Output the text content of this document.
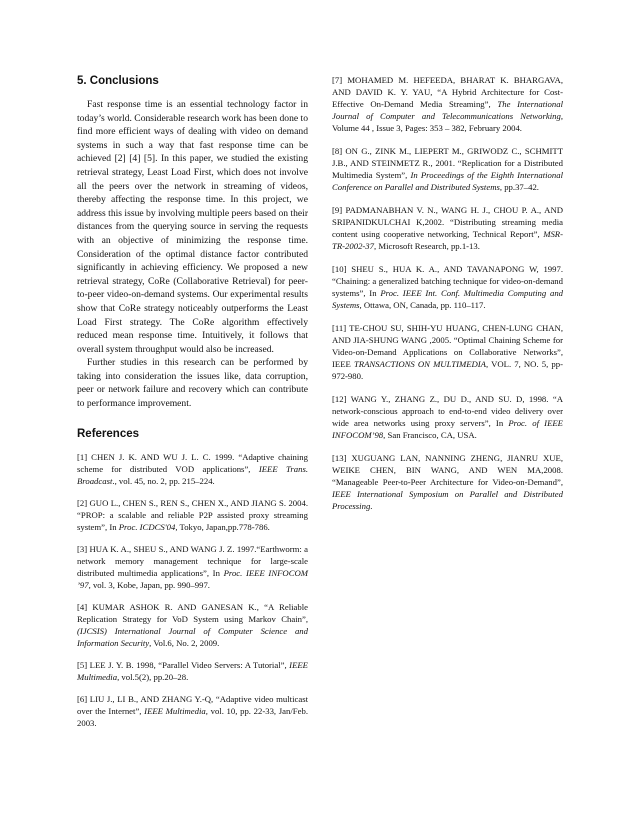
5. Conclusions

Fast response time is an essential technology factor in today’s world. Considerable research work has been done to find more efficient ways of dealing with video on demand systems in such a way that fast response time can be achieved [2] [4] [5]. In this paper, we studied the existing retrieval strategy, Least Load First, which does not involve all the peers over the network in streaming of videos, thereby affecting the response time. In this project, we address this issue by involving multiple peers based on their distances from the querying source in serving the requests with an objective of minimizing the response time. Consideration of the optimal distance factor contributed significantly in achieving efficiency. We proposed a new retrieval strategy, CoRe (Collaborative Retrieval) for peer-to-peer video-on-demand systems. Our experimental results show that CoRe strategy noticeably outperforms the Least Load First strategy. The CoRe algorithm effectively reduced mean response time. Intuitively, it follows that overall system throughput would also be increased.

Further studies in this research can be performed by taking into consideration the issues like, data corruption, peer or network failure and recovery which can contribute to performance improvement.

References

[1] CHEN J. K. AND WU J. L. C. 1999. “Adaptive chaining scheme for distributed VOD applications”, IEEE Trans. Broadcast., vol. 45, no. 2, pp. 215–224.

[2] GUO L., CHEN S., REN S., CHEN X., AND JIANG S. 2004. “PROP: a scalable and reliable P2P assisted proxy streaming system”, In Proc. ICDCS'04, Tokyo, Japan,pp.778-786.

[3] HUA K. A., SHEU S., AND WANG J. Z. 1997.“Earthworm: a network memory management technique for large-scale distributed multimedia applications”, In Proc. IEEE INFOCOM ’97, vol. 3, Kobe, Japan, pp. 990–997.

[4] KUMAR ASHOK R. AND GANESAN K., “A Reliable Replication Strategy for VoD System using Markov Chain”, (IJCSIS) International Journal of Computer Science and Information Security, Vol.6, No. 2, 2009.

[5] LEE J. Y. B. 1998, “Parallel Video Servers: A Tutorial”, IEEE Multimedia, vol.5(2), pp.20–28.

[6] LIU J., LI B., AND ZHANG Y.-Q, “Adaptive video multicast over the Internet”, IEEE Multimedia, vol. 10, pp. 22-33, Jan/Feb. 2003.

[7] MOHAMED M. HEFEEDA, BHARAT K. BHARGAVA, AND DAVID K. Y. YAU, “A Hybrid Architecture for Cost-Effective On-Demand Media Streaming”, The International Journal of Computer and Telecommunications Networking, Volume 44 , Issue 3, Pages: 353 – 382, February 2004.

[8] ON G., ZINK M., LIEPERT M., GRIWODZ C., SCHMITT J.B., AND STEINMETZ R., 2001. “Replication for a Distributed Multimedia System”, In Proceedings of the Eighth International Conference on Parallel and Distributed Systems, pp.37–42.

[9] PADMANABHAN V. N., WANG H. J., CHOU P. A., AND SRIPANIDKULCHAI K,2002. “Distributing streaming media content using cooperative networking, Technical Report”, MSR-TR-2002-37, Microsoft Research, pp.1-13.

[10] SHEU S., HUA K. A., AND TAVANAPONG W, 1997. “Chaining: a generalized batching technique for video-on-demand systems”, In Proc. IEEE Int. Conf. Multimedia Computing and Systems, Ottawa, ON, Canada, pp. 110–117.

[11] TE-CHOU SU, SHIH-YU HUANG, CHEN-LUNG CHAN, AND JIA-SHUNG WANG ,2005. “Optimal Chaining Scheme for Video-on-Demand Applications on Collaborative Networks”, IEEE TRANSACTIONS ON MULTIMEDIA, VOL. 7, NO. 5, pp-972-980.

[12] WANG Y., ZHANG Z., DU D., AND SU. D, 1998. “A network-conscious approach to end-to-end video delivery over wide area networks using proxy servers”, In Proc. of IEEE INFOCOM’98, San Francisco, CA, USA.

[13] XUGUANG LAN, NANNING ZHENG, JIANRU XUE, WEIKE CHEN, BIN WANG, AND WEN MA,2008. “Manageable Peer-to-Peer Architecture for Video-on-Demand”, IEEE International Symposium on Parallel and Distributed Processing.
